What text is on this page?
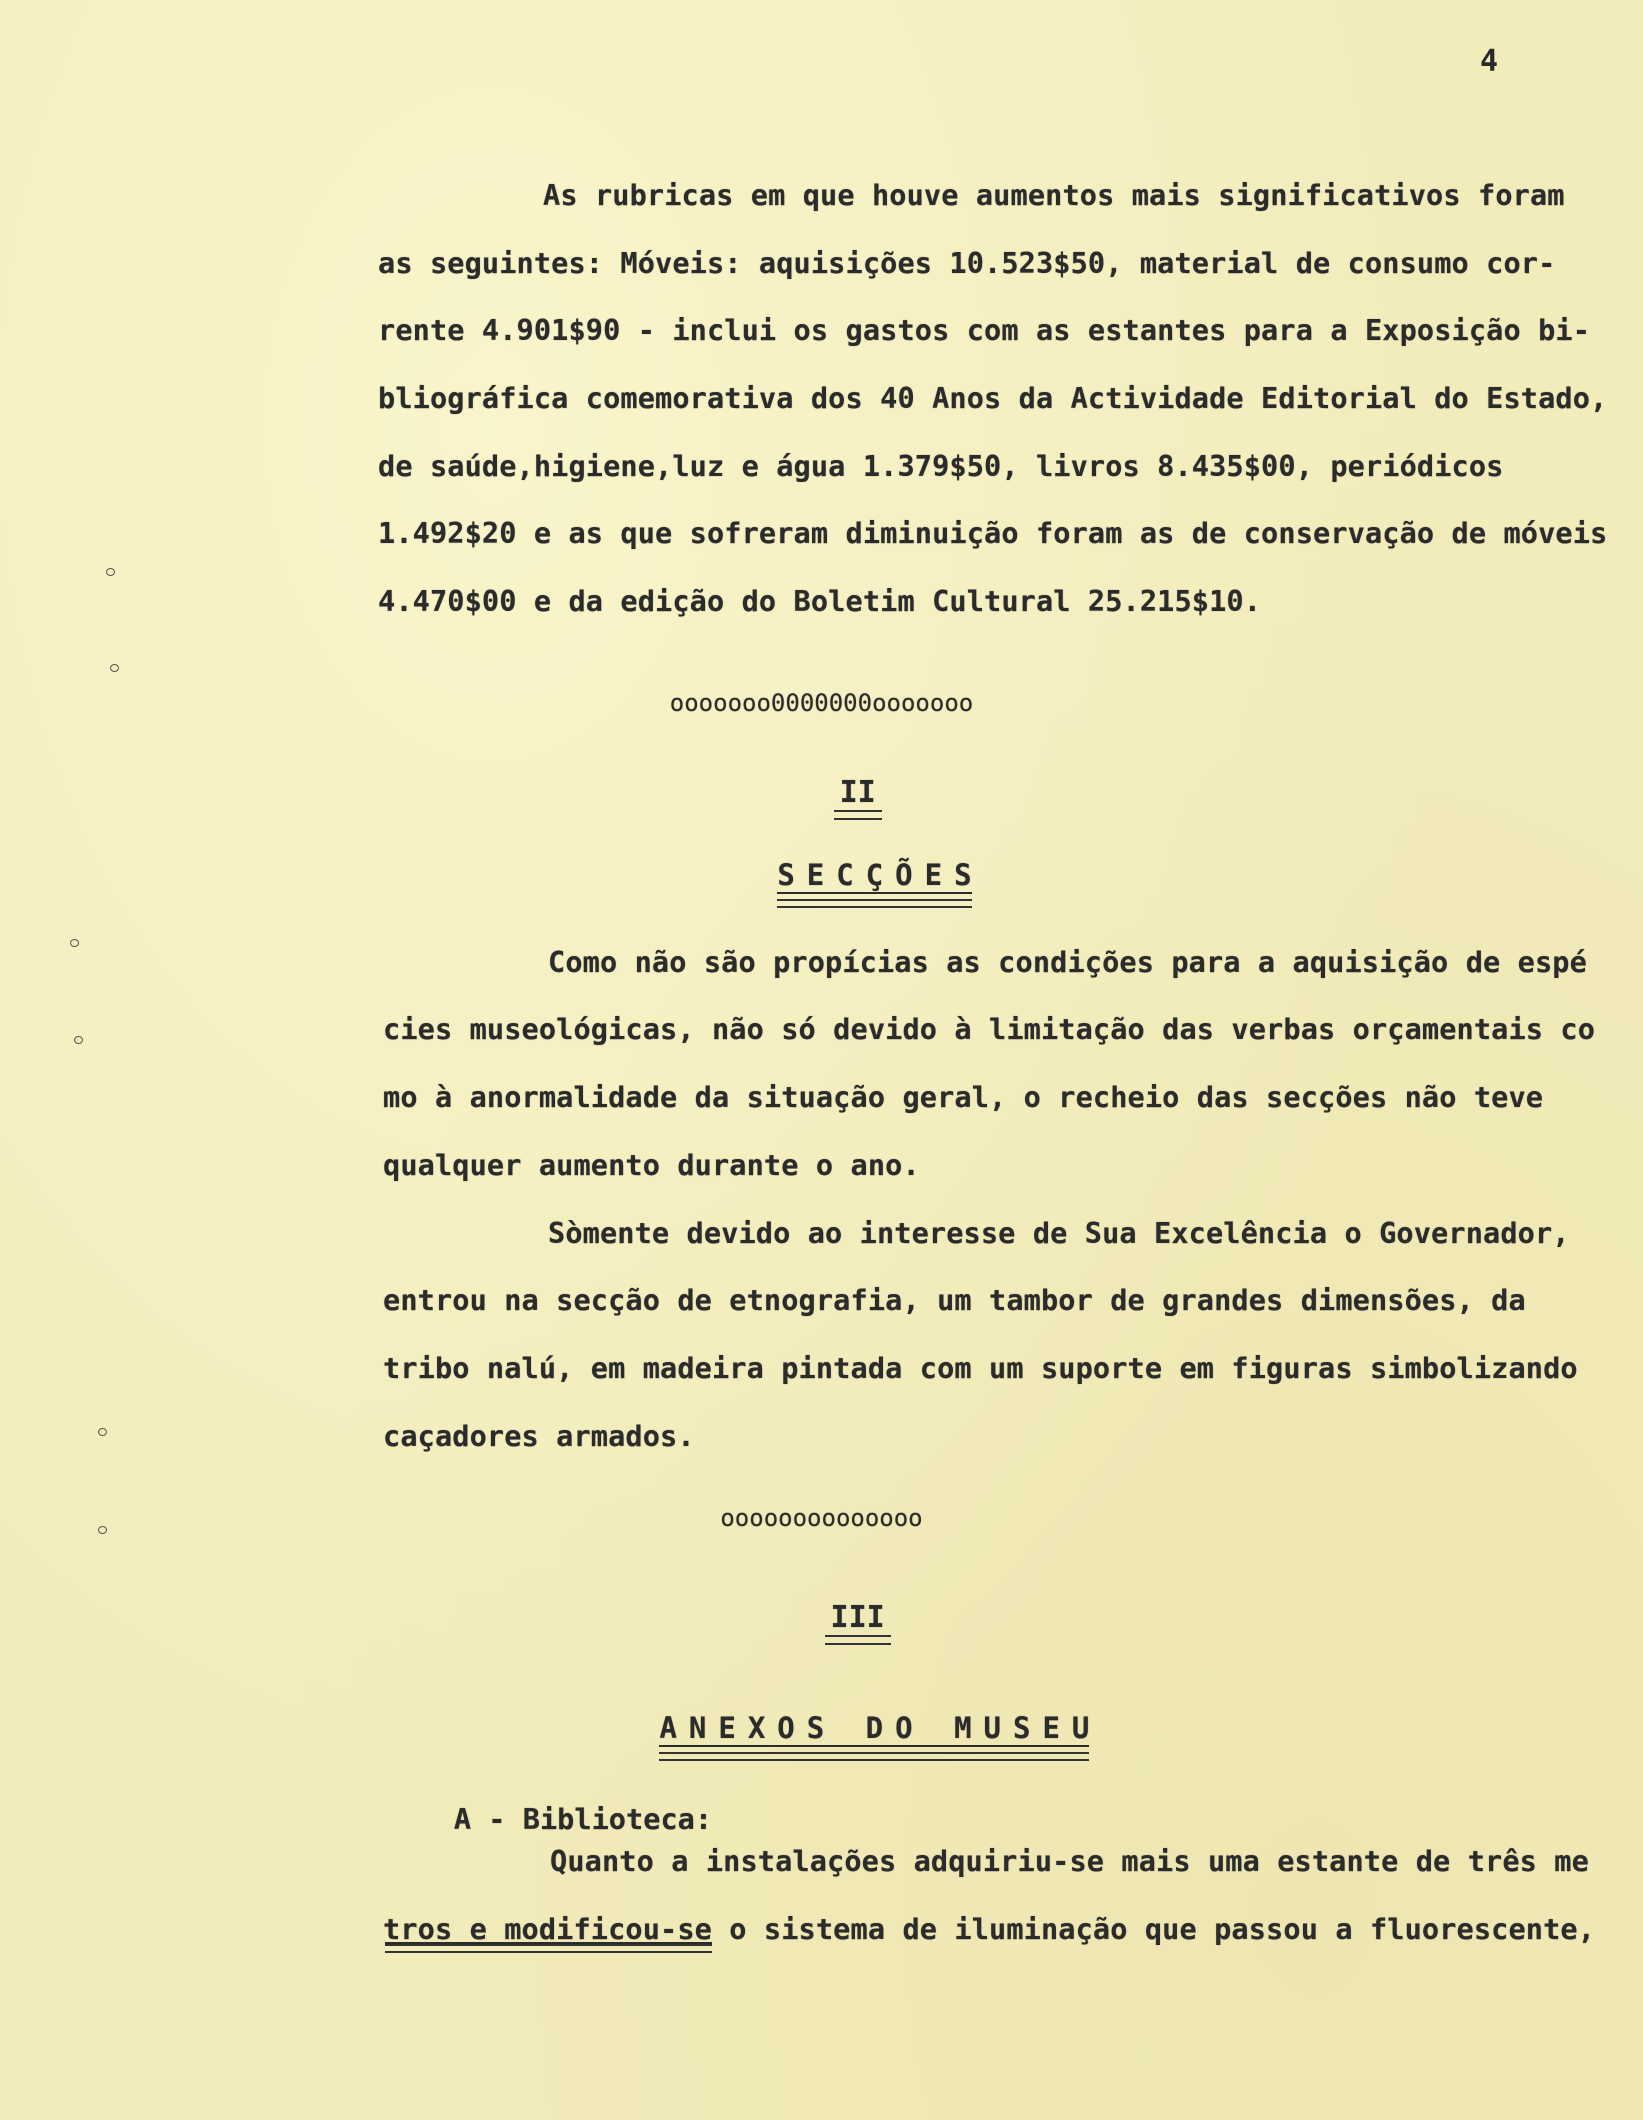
4
As rubricas em que houve aumentos mais significativos foram
as seguintes: Móveis: aquisições 10.523$50, material de consumo cor-
rente 4.901$90 - inclui os gastos com as estantes para a Exposição bi-
bliográfica comemorativa dos 40 Anos da Actividade Editorial do Estado,
de saúde,higiene,luz e água 1.379$50, livros 8.435$00, periódicos
1.492$20 e as que sofreram diminuição foram as de conservação de móveis
4.470$00 e da edição do Boletim Cultural 25.215$10.
ooooooo0000000ooooooo

II

SECÇÕES

Como não são propícias as condições para a aquisição de espé
cies museológicas, não só devido à limitação das verbas orçamentais co
mo à anormalidade da situação geral, o recheio das secções não teve
qualquer aumento durante o ano.
Sòmente devido ao interesse de Sua Excelência o Governador,
entrou na secção de etnografia, um tambor de grandes dimensões, da
tribo nalú, em madeira pintada com um suporte em figuras simbolizando
caçadores armados.
oooooooooooooo

III

ANEXOS DO MUSEU

A - Biblioteca:

Quanto a instalações adquiriu-se mais uma estante de três me
tros e modificou-se o sistema de iluminação que passou a fluorescente,
